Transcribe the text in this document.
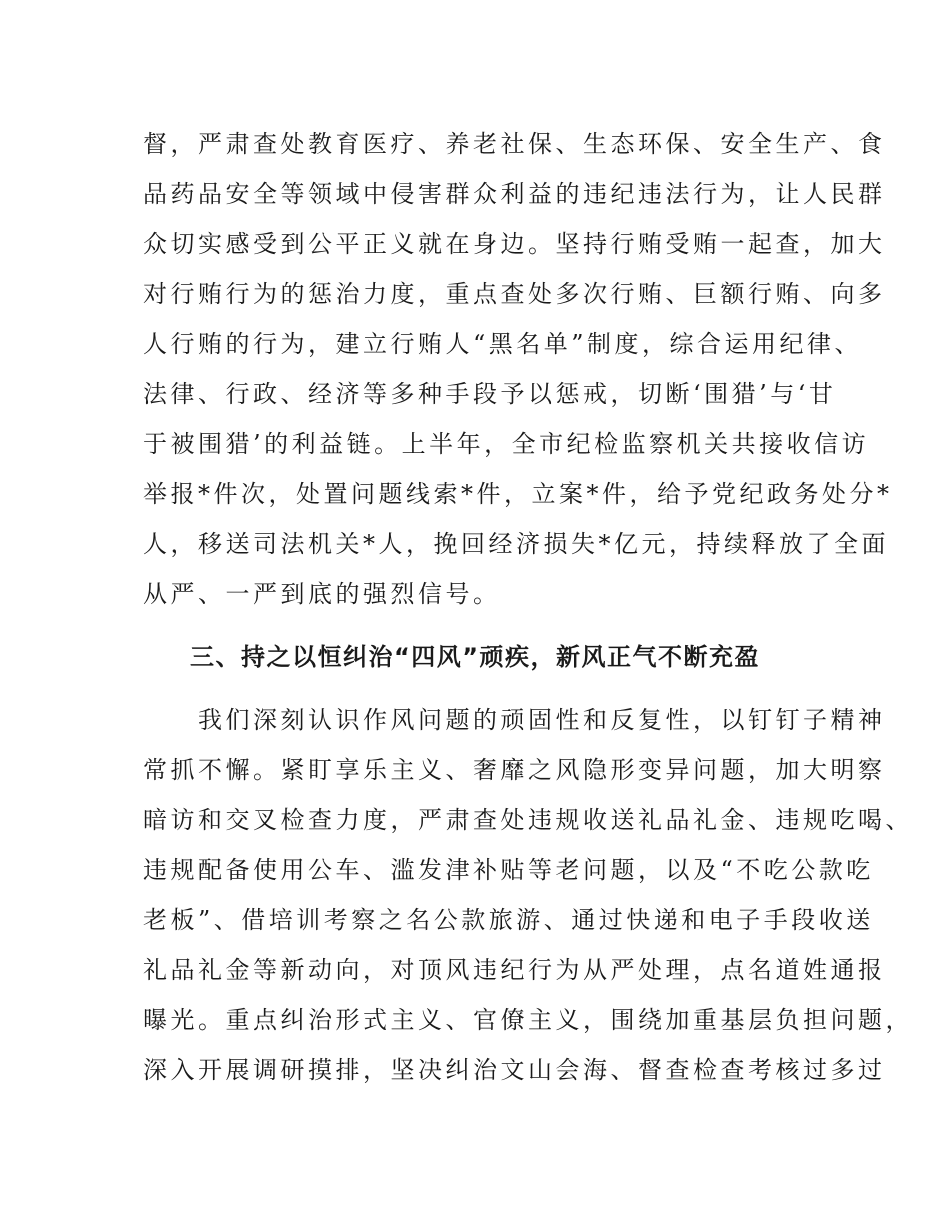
督，严肃查处教育医疗、养老社保、生态环保、安全生产、食
品药品安全等领域中侵害群众利益的违纪违法行为，让人民群
众切实感受到公平正义就在身边。坚持行贿受贿一起查，加大
对行贿行为的惩治力度，重点查处多次行贿、巨额行贿、向多
人行贿的行为，建立行贿人“黑名单”制度，综合运用纪律、
法律、行政、经济等多种手段予以惩戒，切断‘围猎’与‘甘
于被围猎’的利益链。上半年，全市纪检监察机关共接收信访
举报*件次，处置问题线索*件，立案*件，给予党纪政务处分*
人，移送司法机关*人，挽回经济损失*亿元，持续释放了全面
从严、一严到底的强烈信号。
三、持之以恒纠治“四风”顽疾，新风正气不断充盈
　　我们深刻认识作风问题的顽固性和反复性，以钉钉子精神
常抓不懈。紧盯享乐主义、奢靡之风隐形变异问题，加大明察
暗访和交叉检查力度，严肃查处违规收送礼品礼金、违规吃喝、
违规配备使用公车、滥发津补贴等老问题，以及“不吃公款吃
老板”、借培训考察之名公款旅游、通过快递和电子手段收送
礼品礼金等新动向，对顶风违纪行为从严处理，点名道姓通报
曝光。重点纠治形式主义、官僚主义，围绕加重基层负担问题，
深入开展调研摸排，坚决纠治文山会海、督查检查考核过多过
